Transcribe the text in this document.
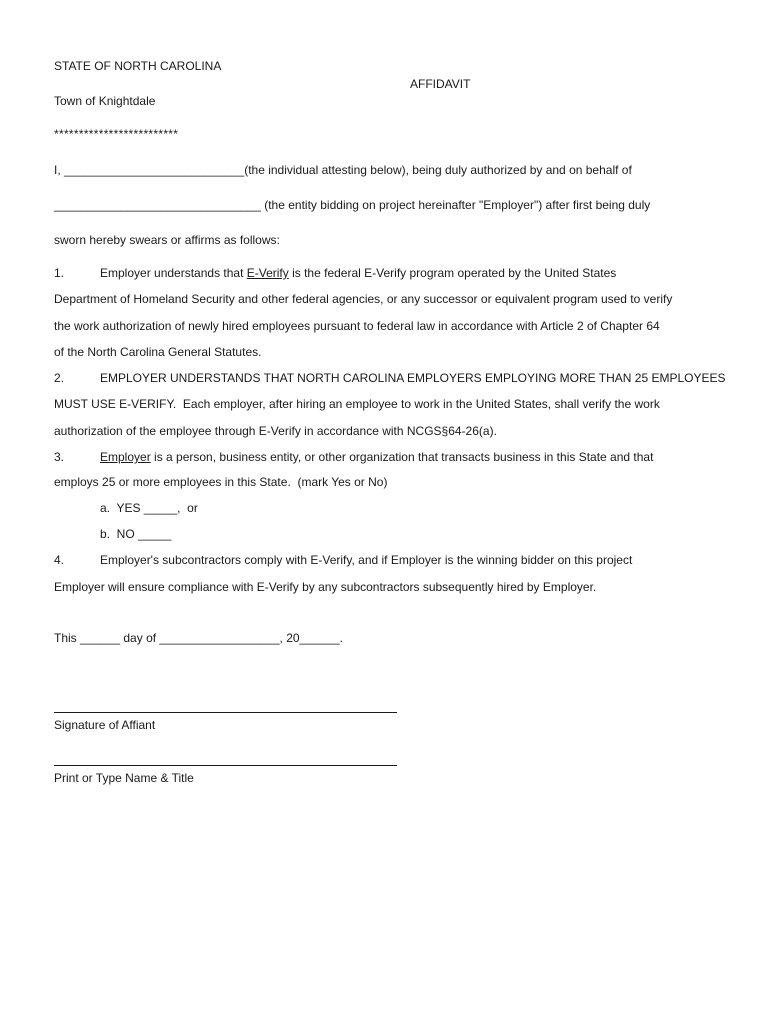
STATE OF NORTH CAROLINA
AFFIDAVIT
Town of Knightdale
*************************
I, ___________________________(the individual attesting below), being duly authorized by and on behalf of
_______________________________ (the entity bidding on project hereinafter "Employer") after first being duly
sworn hereby swears or affirms as follows:
1.	Employer understands that E-Verify is the federal E-Verify program operated by the United States
Department of Homeland Security and other federal agencies, or any successor or equivalent program used to verify
the work authorization of newly hired employees pursuant to federal law in accordance with Article 2 of Chapter 64
of the North Carolina General Statutes.
2.	EMPLOYER UNDERSTANDS THAT NORTH CAROLINA EMPLOYERS EMPLOYING MORE THAN 25 EMPLOYEES
MUST USE E-VERIFY.  Each employer, after hiring an employee to work in the United States, shall verify the work
authorization of the employee through E-Verify in accordance with NCGS§64-26(a).
3.	Employer is a person, business entity, or other organization that transacts business in this State and that
employs 25 or more employees in this State.  (mark Yes or No)
a.  YES _____,  or
b.  NO _____
4.	Employer's subcontractors comply with E-Verify, and if Employer is the winning bidder on this project
Employer will ensure compliance with E-Verify by any subcontractors subsequently hired by Employer.
This ______ day of __________________, 20______.
Signature of Affiant
Print or Type Name & Title
